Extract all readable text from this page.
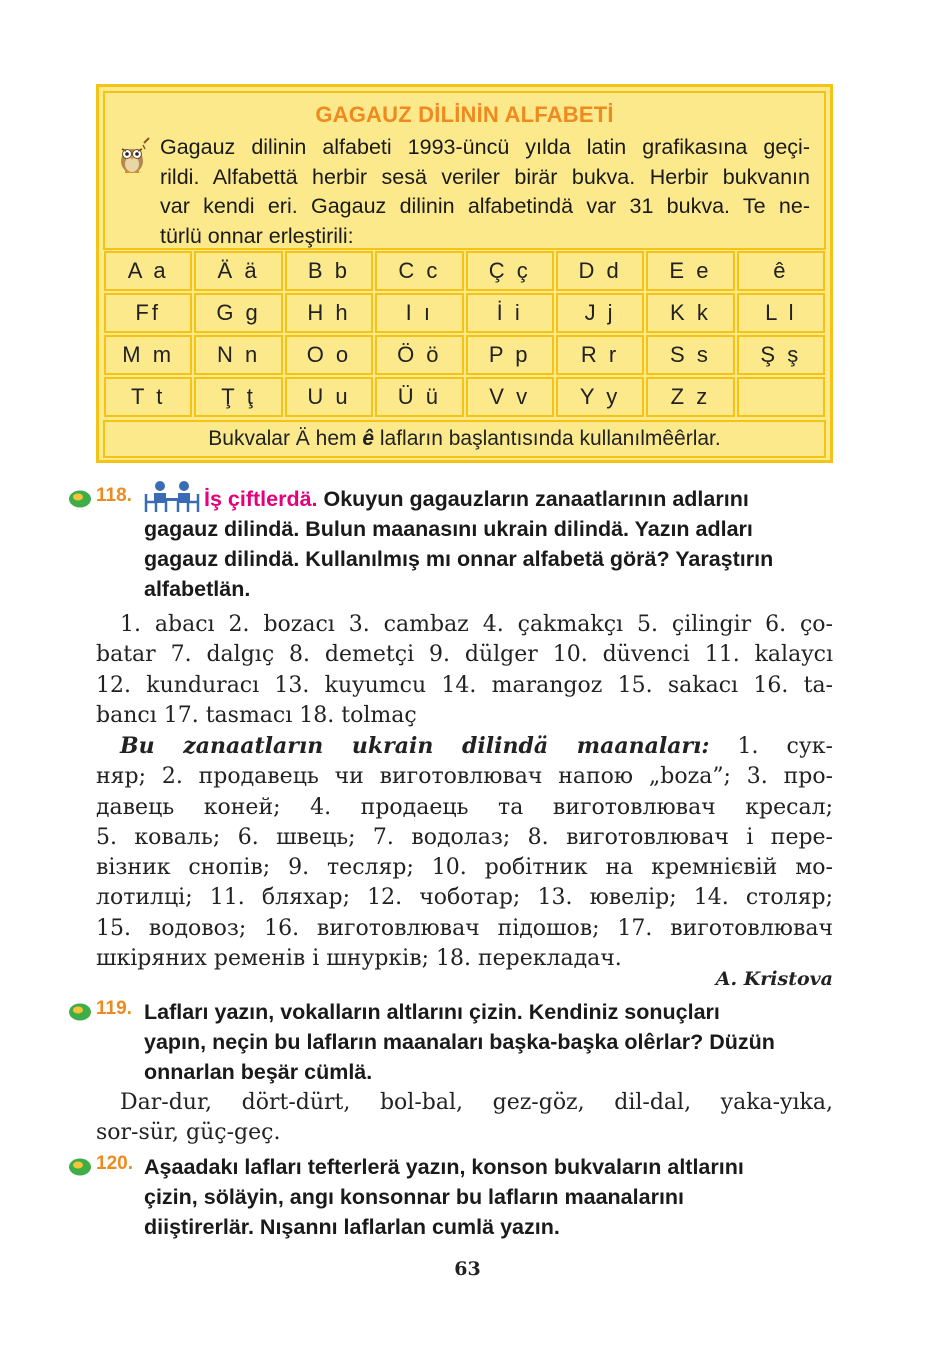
GAGAUZ DİLİNİN ALFABETİ

Gagauz dilinin alfabeti 1993-üncü yılda latin grafikasına geçi-
rildi. Alfabettä herbir sesä veriler birär bukva. Herbir bukvanın
var kendi eri. Gagauz dilinin alfabetindä var 31 bukva. Te ne-
türlü onnar erleştirili:

A a	Ä ä	B b	C c	Ç ç	D d	E e	ê
Ff	G g	H h	I ı	İ i	J j	K k	L l
M m	N n	O o	Ö ö	P p	R r	S s	Ş ş
T t	Ţ ţ	U u	Ü ü	V v	Y y	Z z
Bukvalar Ä hem ê lafların başlantısında kullanılmêêrlar.
118.	İş çiftlerdä. Okuyun gagauzların zanaatlarının adlarını
gagauz dilindä. Bulun maanasını ukrain dilindä. Yazın adları
gagauz dilindä. Kullanılmış mı onnar alfabetä görä? Yaraştırın
alfabetlän.

1. abacı 2. bozacı 3. cambaz 4. çakmakçı 5. çilingir 6. ço-
batar 7. dalgıç 8. demetçi 9. dülger 10. düvenci 11. kalaycı
12. kunduracı 13. kuyumcu 14. marangoz 15. sakacı 16. ta-
bancı 17. tasmacı 18. tolmaç

Bu zanaatların ukrain dilindä maanaları: 1. сук-
няр; 2. продавець чи виготовлювач напою „boza”; 3. про-
давець коней; 4. продаець та виготовлювач кресал;
5. коваль; 6. швець; 7. водолаз; 8. виготовлювач і пере-
візник снопів; 9. тесляр; 10. робітник на кремнієвій мо-
лотилці; 11. бляхар; 12. чоботар; 13. ювелір; 14. столяр;
15. водовоз; 16. виготовлювач підошов; 17. виготовлювач
шкіряних ременів і шнурків; 18. перекладач.

A. Kristova
119. Lafları yazın, vokalların altlarını çizin. Kendiniz sonuçları
yapın, neçin bu lafların maanaları başka-başka olêrlar? Düzün
onnarlan beşär cümlä.

Dar-dur, dört-dürt, bol-bal, gez-göz, dil-dal, yaka-yıka,
sor-sür, güç-geç.

120. Aşaadakı lafları tefterlerä yazın, konson bukvaların altlarını
çizin, söläyin, angı konsonnar bu lafların maanalarını
diiştirerlär. Nışannı laflarlan cumlä yazın.

63
